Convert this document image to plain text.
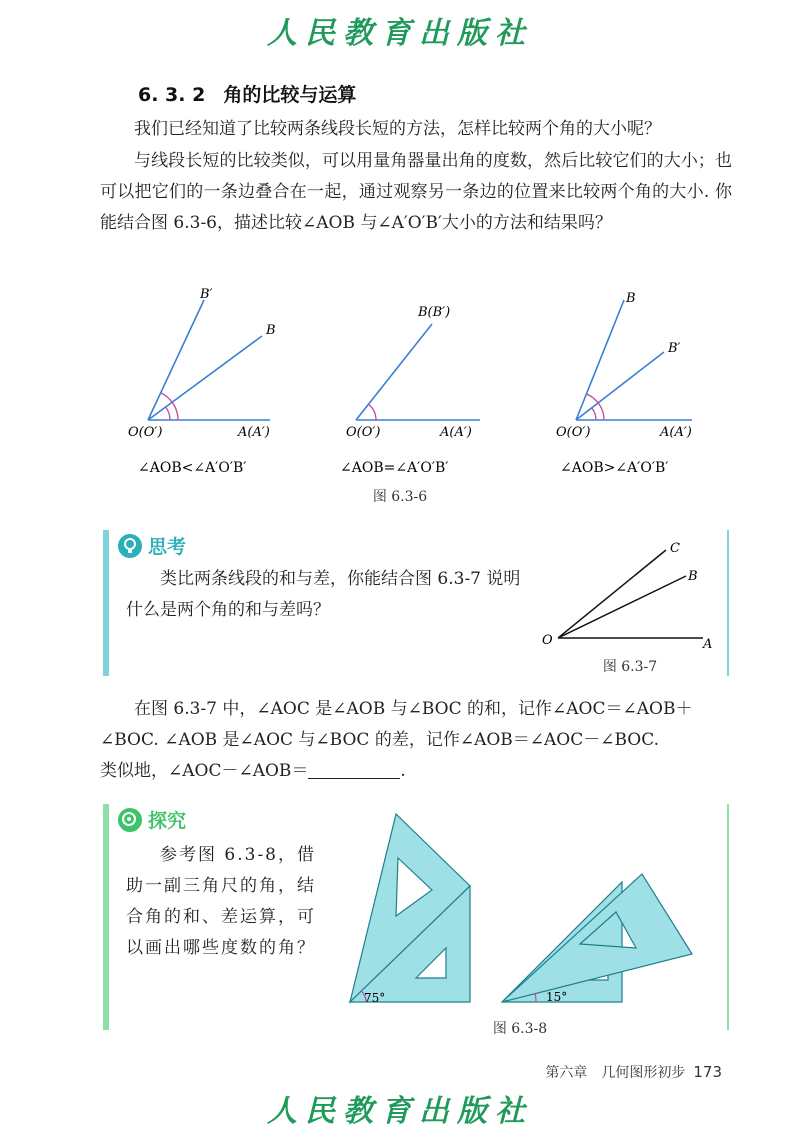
人民教育出版社
6. 3. 2 角的比较与运算
我们已经知道了比较两条线段长短的方法，怎样比较两个角的大小呢？
与线段长短的比较类似，可以用量角器量出角的度数，然后比较它们的大小；也可以把它们的一条边叠合在一起，通过观察另一条边的位置来比较两个角的大小. 你能结合图 6.3-6，描述比较∠AOB 与∠A′O′B′大小的方法和结果吗？
B′
B
O(O′)	A(A′)
B(B′)
O(O′)	A(A′)
B
B′
O(O′)	A(A′)
∠AOB<∠A′O′B′	∠AOB=∠A′O′B′	∠AOB>∠A′O′B′
图 6.3-6
思考
类比两条线段的和与差，你能结合图 6.3-7 说明什么是两个角的和与差吗？
O	A
B
C
图 6.3-7
在图 6.3-7 中，∠AOC 是∠AOB 与∠BOC 的和，记作∠AOC＝∠AOB＋
∠BOC. ∠AOB 是∠AOC 与∠BOC 的差，记作∠AOB＝∠AOC－∠BOC.
类似地，∠AOC－∠AOB＝	.
探究
参考图 6.3-8，借助一副三角尺的角，结合角的和、差运算，可以画出哪些度数的角？
75°	15°
图 6.3-8
第六章　几何图形初步 173
人民教育出版社
